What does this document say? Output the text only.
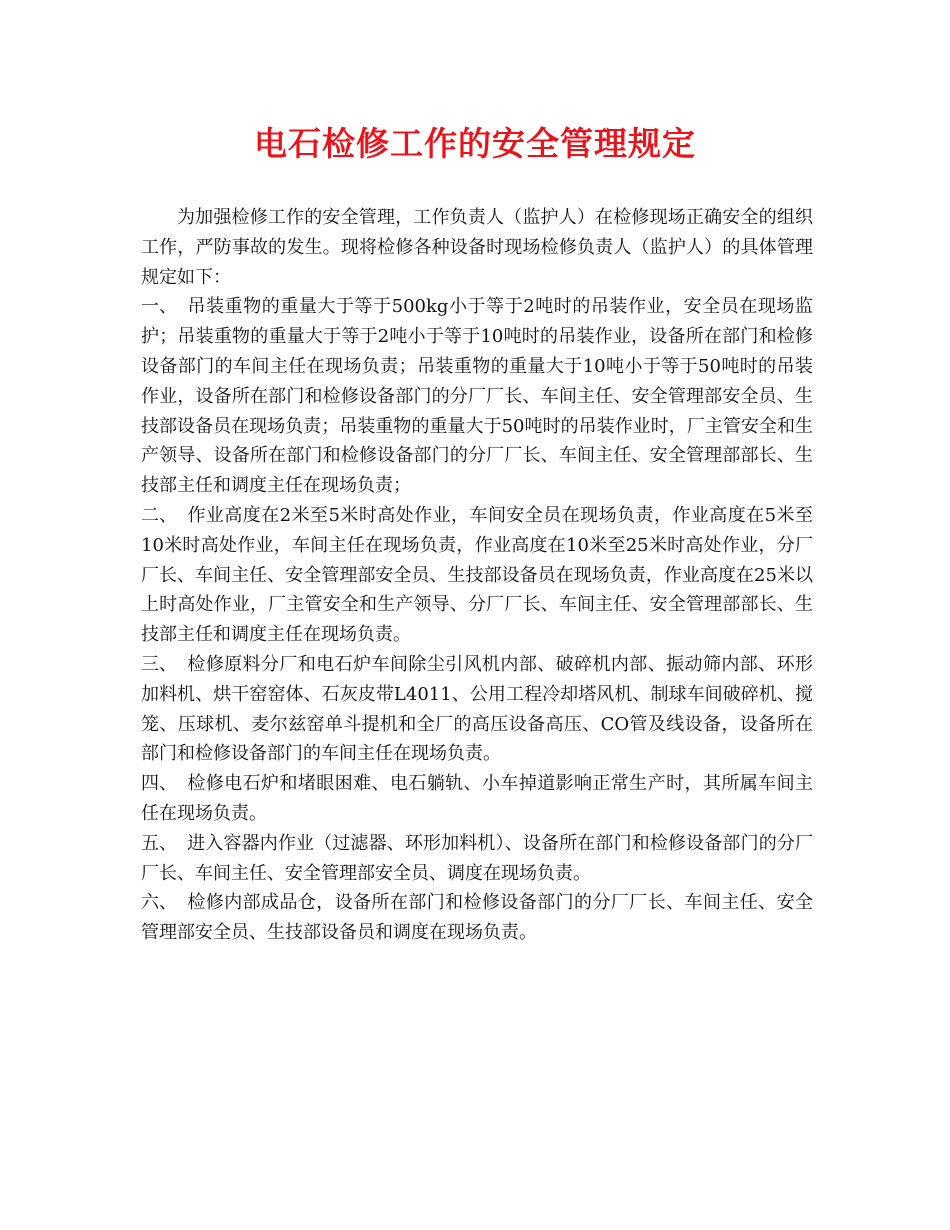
电石检修工作的安全管理规定

为加强检修工作的安全管理，工作负责人（监护人）在检修现场正确安全的组织工作，严防事故的发生。现将检修各种设备时现场检修负责人（监护人）的具体管理规定如下：

一、 吊装重物的重量大于等于500kg小于等于2吨时的吊装作业，安全员在现场监护；吊装重物的重量大于等于2吨小于等于10吨时的吊装作业，设备所在部门和检修设备部门的车间主任在现场负责；吊装重物的重量大于10吨小于等于50吨时的吊装作业，设备所在部门和检修设备部门的分厂厂长、车间主任、安全管理部安全员、生技部设备员在现场负责；吊装重物的重量大于50吨时的吊装作业时，厂主管安全和生产领导、设备所在部门和检修设备部门的分厂厂长、车间主任、安全管理部部长、生技部主任和调度主任在现场负责；

二、 作业高度在2米至5米时高处作业，车间安全员在现场负责，作业高度在5米至10米时高处作业，车间主任在现场负责，作业高度在10米至25米时高处作业，分厂厂长、车间主任、安全管理部安全员、生技部设备员在现场负责，作业高度在25米以上时高处作业，厂主管安全和生产领导、分厂厂长、车间主任、安全管理部部长、生技部主任和调度主任在现场负责。

三、 检修原料分厂和电石炉车间除尘引风机内部、破碎机内部、振动筛内部、环形加料机、烘干窑窑体、石灰皮带L4011、公用工程冷却塔风机、制球车间破碎机、搅笼、压球机、麦尔兹窑单斗提机和全厂的高压设备高压、CO管及线设备，设备所在部门和检修设备部门的车间主任在现场负责。

四、 检修电石炉和堵眼困难、电石躺轨、小车掉道影响正常生产时，其所属车间主任在现场负责。

五、 进入容器内作业（过滤器、环形加料机）、设备所在部门和检修设备部门的分厂厂长、车间主任、安全管理部安全员、调度在现场负责。

六、 检修内部成品仓，设备所在部门和检修设备部门的分厂厂长、车间主任、安全管理部安全员、生技部设备员和调度在现场负责。
